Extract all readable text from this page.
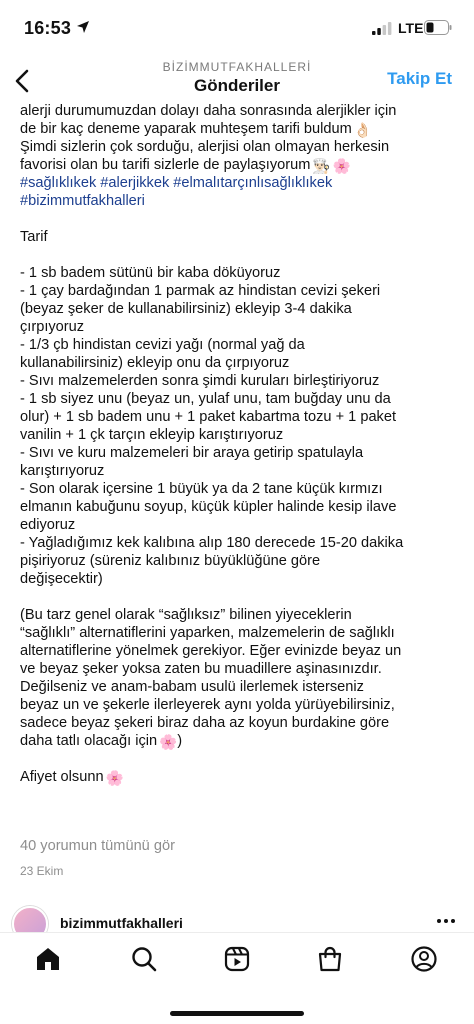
16:53	LTE
BİZİMMUTFAKHALLERİ
Gönderiler	Takip Et
alerji durumumuzdan dolayı daha sonrasında alerjikler için
de bir kaç deneme yaparak muhteşem tarifi buldum 👌🏻
Şimdi sizlerin çok sorduğu, alerjisi olan olmayan herkesin
favorisi olan bu tarifi sizlerle de paylaşıyorum 👨🏻‍🍳 🌸
#sağlıklıkek #alerjikkek #elmalıtarçınlısağlıklıkek
#bizimmutfakhalleri
Tarif
- 1 sb badem sütünü bir kaba döküyoruz
- 1 çay bardağından 1 parmak az hindistan cevizi şekeri
(beyaz şeker de kullanabilirsiniz) ekleyip 3-4 dakika
çırpıyoruz
- 1/3 çb hindistan cevizi yağı (normal yağ da
kullanabilirsiniz) ekleyip onu da çırpıyoruz
- Sıvı malzemelerden sonra şimdi kuruları birleştiriyoruz
- 1 sb siyez unu (beyaz un, yulaf unu, tam buğday unu da
olur) + 1 sb badem unu + 1 paket kabartma tozu + 1 paket
vanilin + 1 çk tarçın ekleyip karıştırıyoruz
- Sıvı ve kuru malzemeleri bir araya getirip spatulayla
karıştırıyoruz
- Son olarak içersine 1 büyük ya da 2 tane küçük kırmızı
elmanın kabuğunu soyup, küçük küpler halinde kesip ilave
ediyoruz
- Yağladığımız kek kalıbına alıp 180 derecede 15-20 dakika
pişiriyoruz (süreniz kalıbınız büyüklüğüne göre
değişecektir)
(Bu tarz genel olarak “sağlıksız” bilinen yiyeceklerin
“sağlıklı” alternatiflerini yaparken, malzemelerin de sağlıklı
alternatiflerine yönelmek gerekiyor. Eğer evinizde beyaz un
ve beyaz şeker yoksa zaten bu muadillere aşinasınızdır.
Değilseniz ve anam-babam usulü ilerlemek isterseniz
beyaz un ve şekerle ilerleyerek aynı yolda yürüyebilirsiniz,
sadece beyaz şekeri biraz daha az koyun burdakine göre
daha tatlı olacağı için 🌸)
Afiyet olsunn 🌸
40 yorumun tümünü gör
23 Ekim
bizimmutfakhalleri
